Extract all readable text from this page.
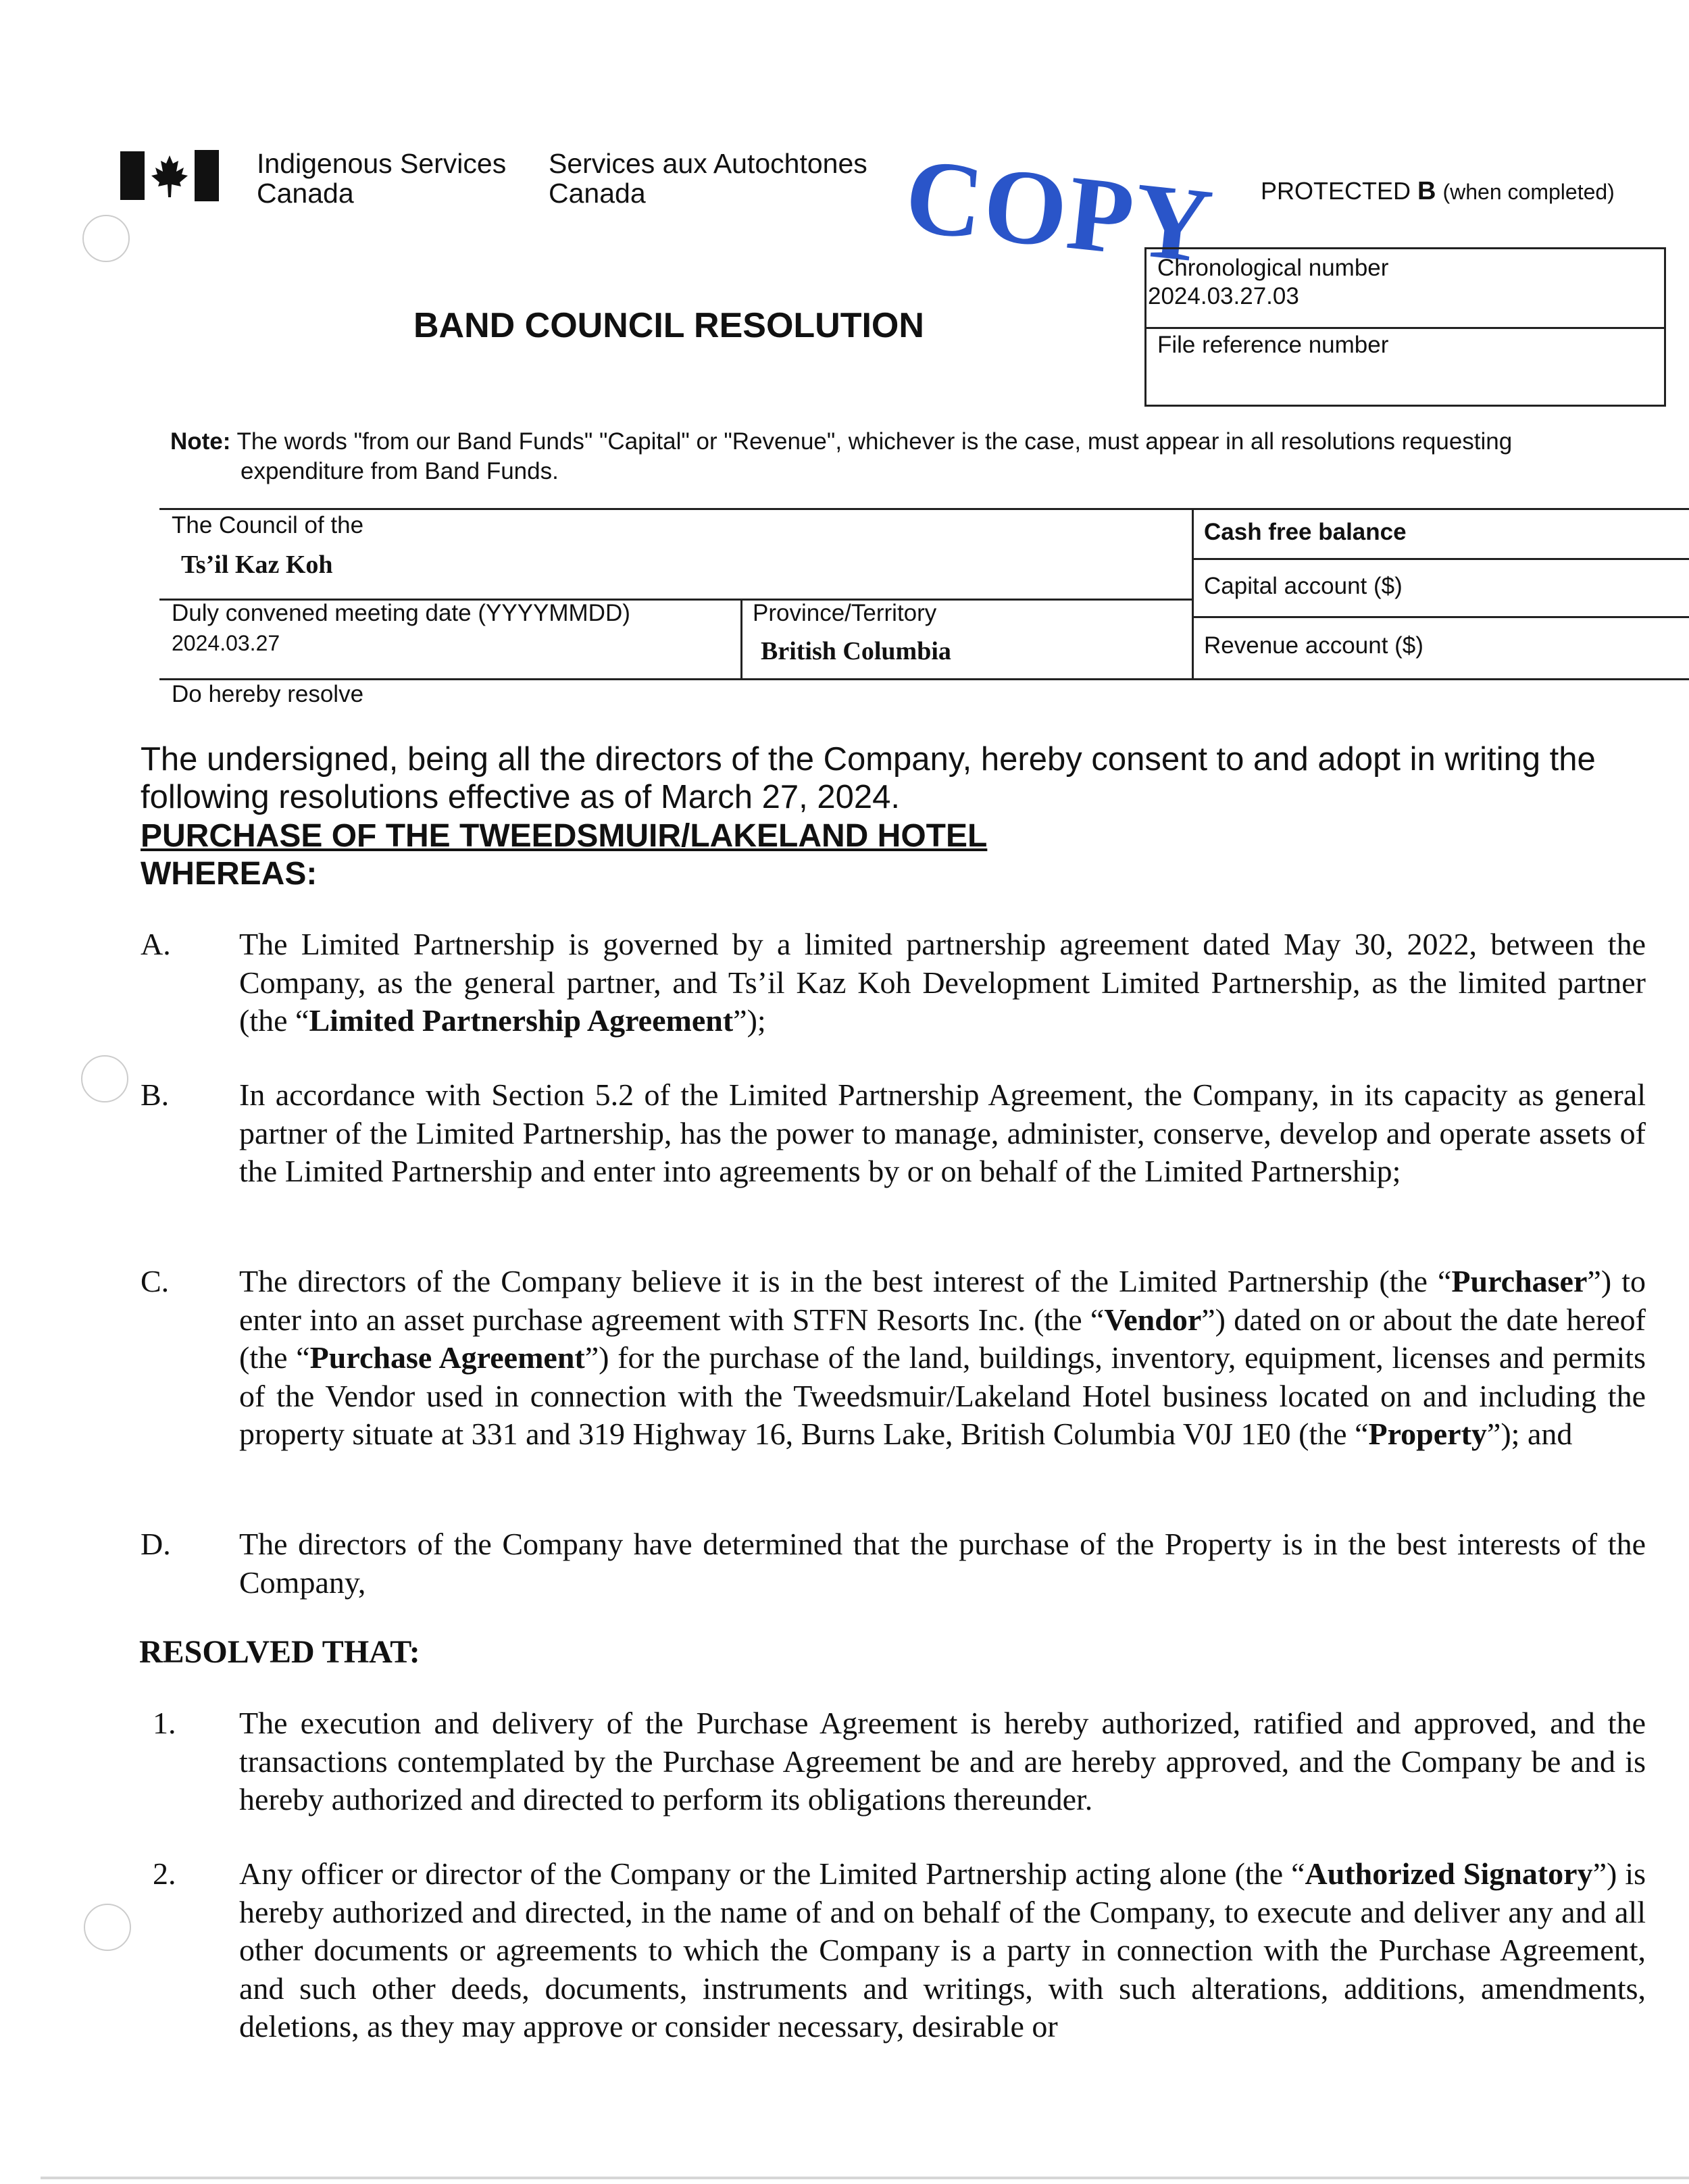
Indigenous Services
Canada
Services aux Autochtones
Canada	COPY PROTECTED B (when completed)
Chronological number
2024.03.27.03
File reference number
BAND COUNCIL RESOLUTION
Note: The words "from our Band Funds" "Capital" or "Revenue", whichever is the case, must appear in all resolutions requesting
expenditure from Band Funds.
The Council of the
Ts’il Kaz Koh
Cash free balance
Capital account ($)
Revenue account ($)
Duly convened meeting date (YYYYMMDD)
2024.03.27
Province/Territory
British Columbia
Do hereby resolve
The undersigned, being all the directors of the Company, hereby consent to and adopt in writing the
following resolutions effective as of March 27, 2024.
PURCHASE OF THE TWEEDSMUIR/LAKELAND HOTEL
WHEREAS:
A.	The Limited Partnership is governed by a limited partnership agreement dated May 30, 2022, between the Company, as the general partner, and Ts’il Kaz Koh Development Limited Partnership, as the limited partner (the “Limited Partnership Agreement”);
B.	In accordance with Section 5.2 of the Limited Partnership Agreement, the Company, in its capacity as general partner of the Limited Partnership, has the power to manage, administer, conserve, develop and operate assets of the Limited Partnership and enter into agreements by or on behalf of the Limited Partnership;
C.	The directors of the Company believe it is in the best interest of the Limited Partnership (the “Purchaser”) to enter into an asset purchase agreement with STFN Resorts Inc. (the “Vendor”) dated on or about the date hereof (the “Purchase Agreement”) for the purchase of the land, buildings, inventory, equipment, licenses and permits of the Vendor used in connection with the Tweedsmuir/Lakeland Hotel business located on and including the property situate at 331 and 319 Highway 16, Burns Lake, British Columbia V0J 1E0 (the “Property”); and
D.	The directors of the Company have determined that the purchase of the Property is in the best interests of the Company,
RESOLVED THAT:
1.	The execution and delivery of the Purchase Agreement is hereby authorized, ratified and approved, and the transactions contemplated by the Purchase Agreement be and are hereby approved, and the Company be and is hereby authorized and directed to perform its obligations thereunder.
2.	Any officer or director of the Company or the Limited Partnership acting alone (the “Authorized Signatory”) is hereby authorized and directed, in the name of and on behalf of the Company, to execute and deliver any and all other documents or agreements to which the Company is a party in connection with the Purchase Agreement, and such other deeds, documents, instruments and writings, with such alterations, additions, amendments, deletions, as they may approve or consider necessary, desirable or
